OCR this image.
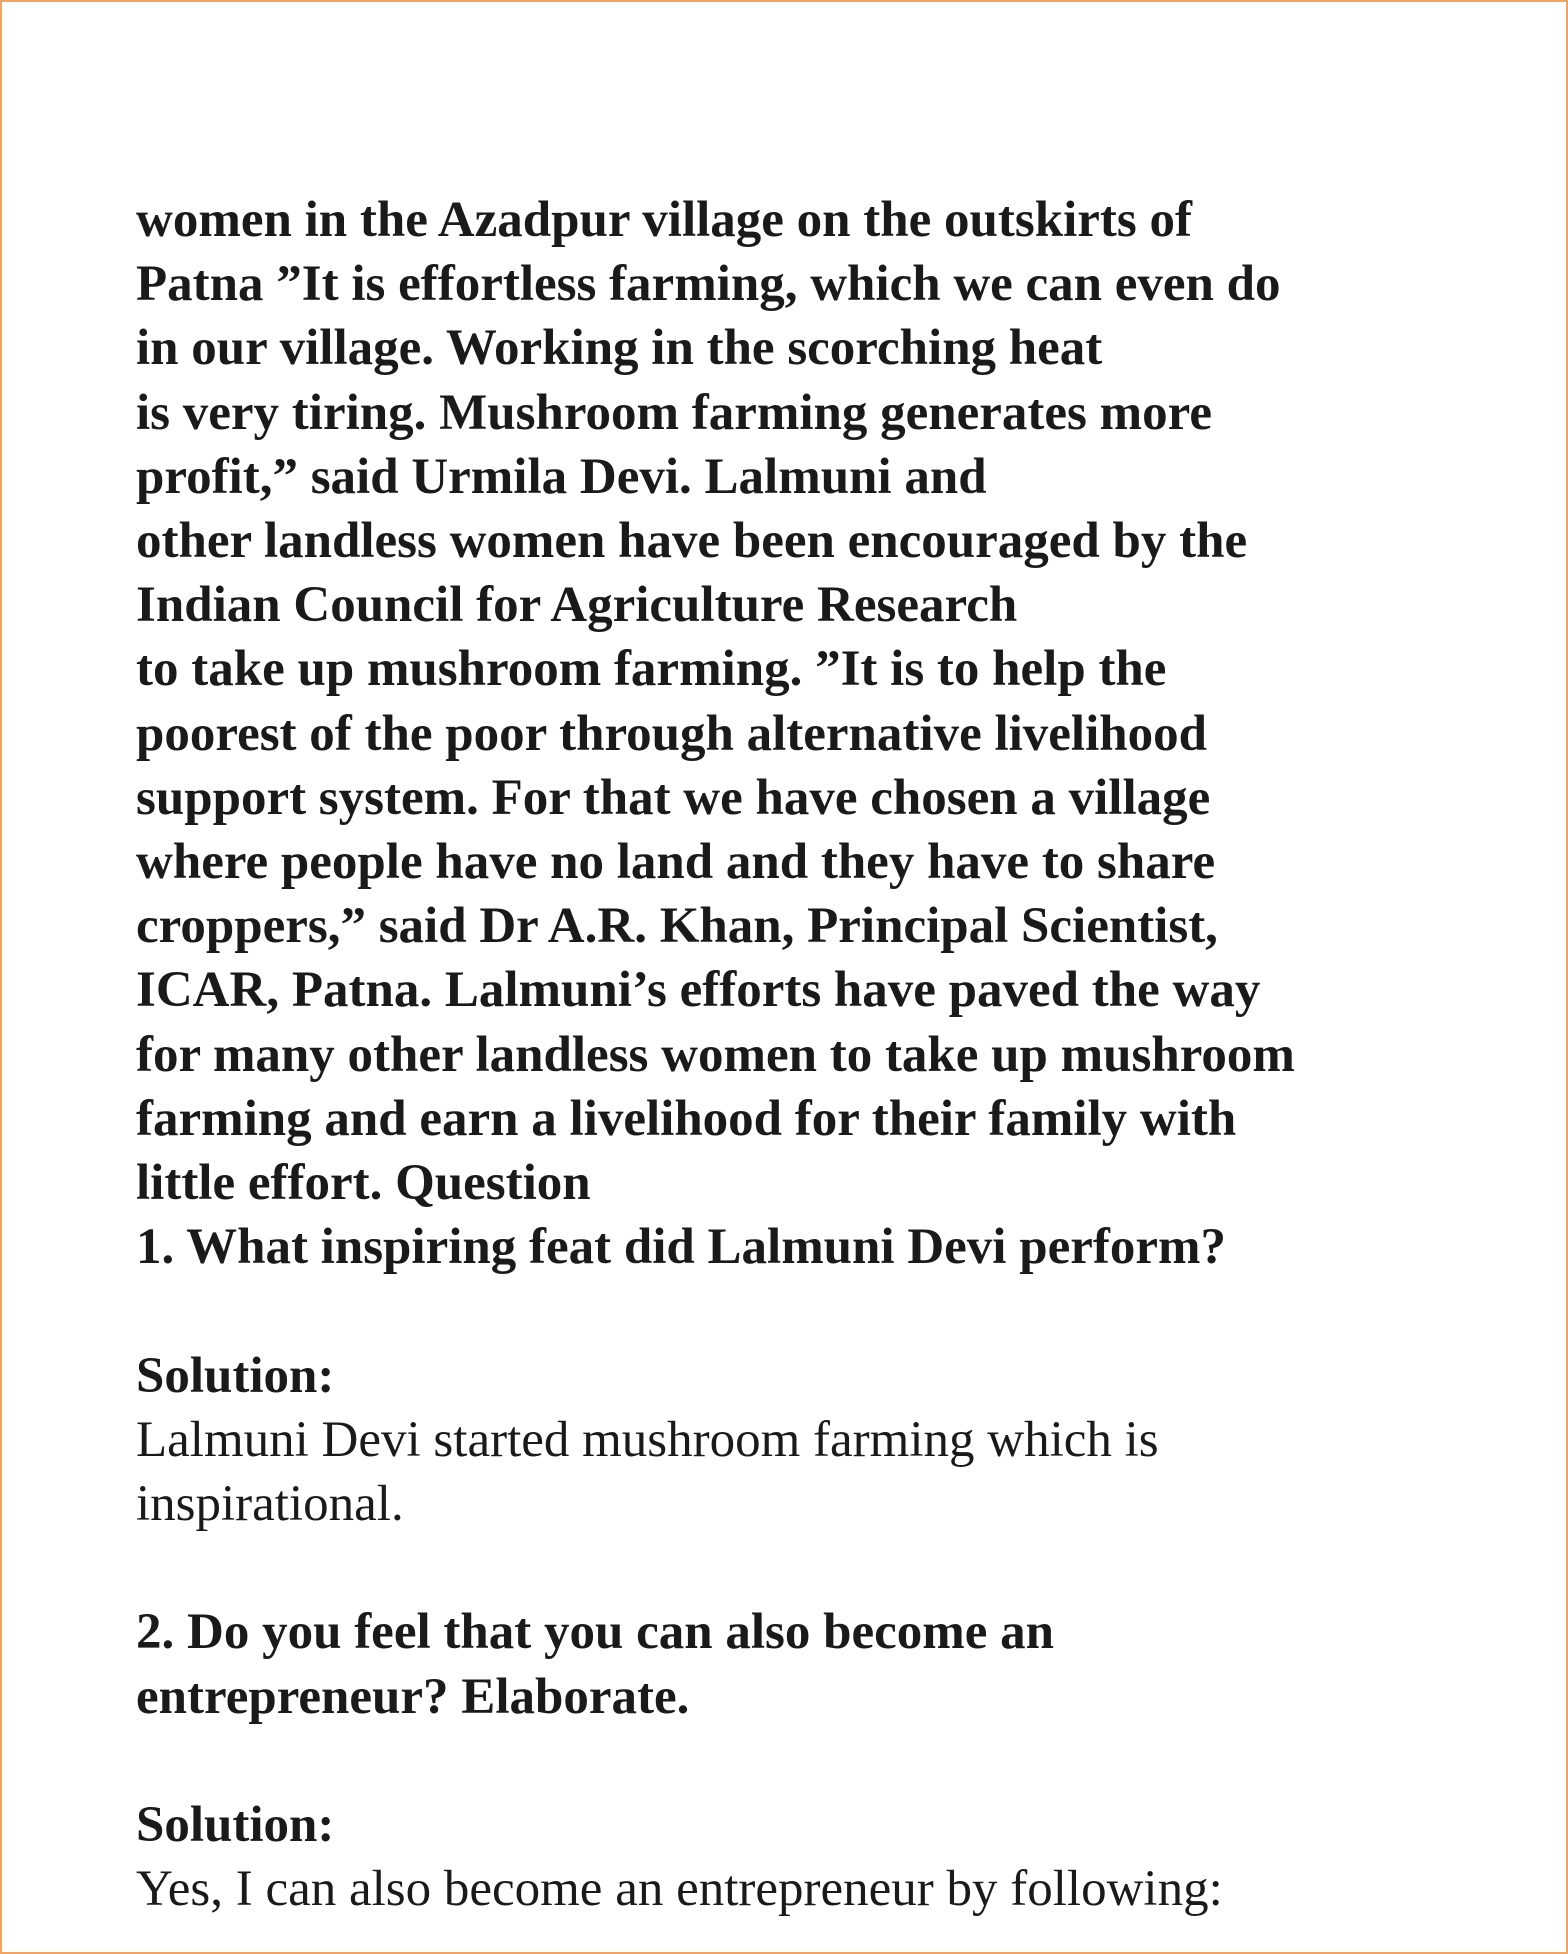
women in the Azadpur village on the outskirts of

Patna ”It is effortless farming, which we can even do

in our village. Working in the scorching heat

is very tiring. Mushroom farming generates more

profit,” said Urmila Devi. Lalmuni and

other landless women have been encouraged by the

Indian Council for Agriculture Research

to take up mushroom farming. ”It is to help the

poorest of the poor through alternative livelihood

support system. For that we have chosen a village

where people have no land and they have to share

croppers,” said Dr A.R. Khan, Principal Scientist,

ICAR, Patna. Lalmuni’s efforts have paved the way

for many other landless women to take up mushroom

farming and earn a livelihood for their family with

little effort. Question

1. What inspiring feat did Lalmuni Devi perform?

Solution:

Lalmuni Devi started mushroom farming which is

inspirational.

2. Do you feel that you can also become an

entrepreneur? Elaborate.

Solution:

Yes, I can also become an entrepreneur by following:
